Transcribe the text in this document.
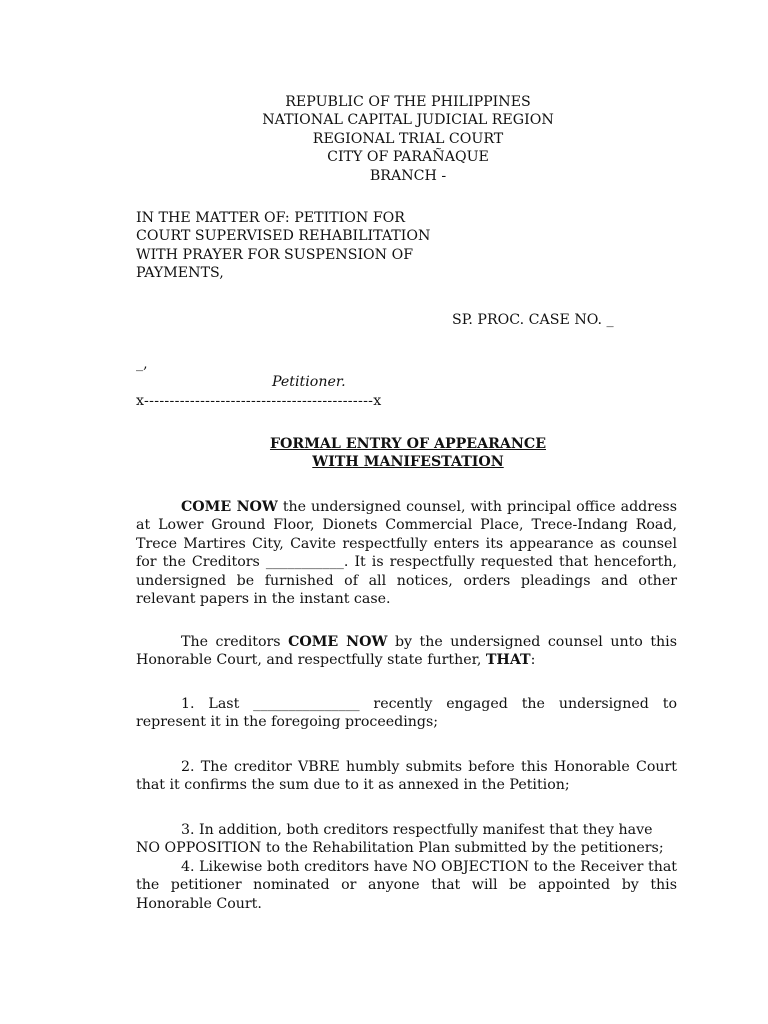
REPUBLIC OF THE PHILIPPINES
NATIONAL CAPITAL JUDICIAL REGION
REGIONAL TRIAL COURT
CITY OF PARAÑAQUE
BRANCH -
IN THE MATTER OF: PETITION FOR
COURT SUPERVISED REHABILITATION
WITH PRAYER FOR SUSPENSION OF
PAYMENTS,
SP. PROC. CASE NO. _
_,
Petitioner.
x---------------------------------------------x
FORMAL ENTRY OF APPEARANCE
WITH MANIFESTATION

COME NOW the undersigned counsel, with principal office address at Lower Ground Floor, Dionets Commercial Place, Trece-Indang Road, Trece Martires City, Cavite respectfully enters its appearance as counsel for the Creditors ___________. It is respectfully requested that henceforth, undersigned be furnished of all notices, orders pleadings and other relevant papers in the instant case.

The creditors COME NOW by the undersigned counsel unto this Honorable Court, and respectfully state further, THAT:

1. Last _______________ recently engaged the undersigned to represent it in the foregoing proceedings;

2. The creditor VBRE humbly submits before this Honorable Court that it confirms the sum due to it as annexed in the Petition;

3. In addition, both creditors respectfully manifest that they have
NO OPPOSITION to the Rehabilitation Plan submitted by the petitioners;

4. Likewise both creditors have NO OBJECTION to the Receiver that the petitioner nominated or anyone that will be appointed by this Honorable Court.
